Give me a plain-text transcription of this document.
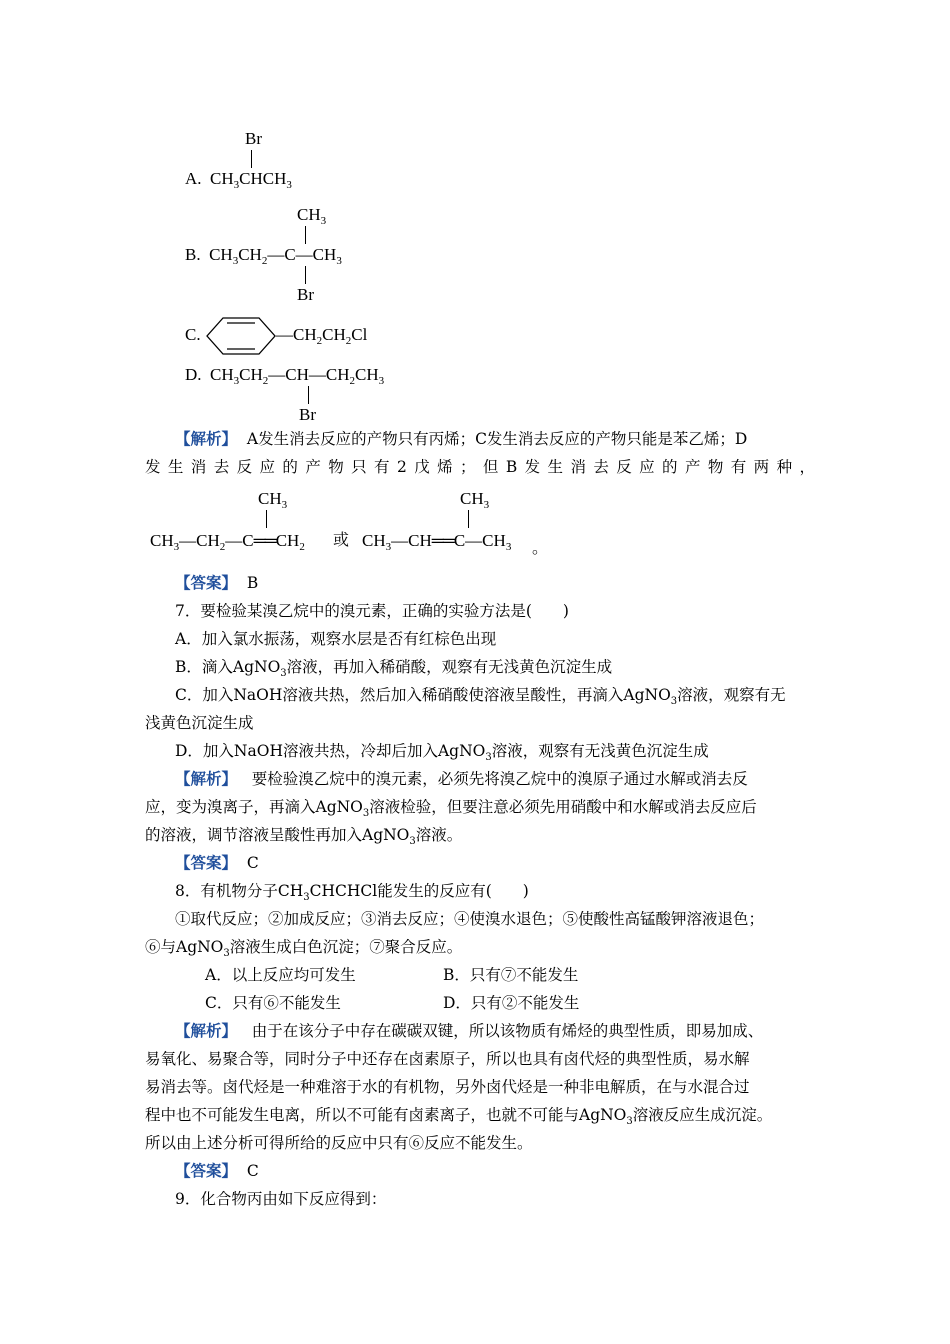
Br
A.  $CH_3CHCH_3$
$CH_3$
B.  $CH_3CH_2—C—CH_3$
Br
C.	$—CH_2CH_2Cl$
D.  $CH_3CH_2—CH—CH_2CH_3$
Br
【解析】 A发生消去反应的产物只有丙烯；C发生消去反应的产物只能是苯乙烯；D
发生消去反应的产物只有2戊烯；但B发生消去反应的产物有两种，
$CH_3$
$CH_3—CH_2—C══CH_2$ 或
$CH_3$
$CH_3—CH══C—CH_3$ 。
【答案】 B
7．要检验某溴乙烷中的溴元素，正确的实验方法是(　　)
A．加入氯水振荡，观察水层是否有红棕色出现
B．滴入AgNO$_3$溶液，再加入稀硝酸，观察有无浅黄色沉淀生成
C．加入NaOH溶液共热，然后加入稀硝酸使溶液呈酸性，再滴入AgNO$_3$溶液，观察有无
浅黄色沉淀生成
D．加入NaOH溶液共热，冷却后加入AgNO$_3$溶液，观察有无浅黄色沉淀生成
【解析】 要检验溴乙烷中的溴元素，必须先将溴乙烷中的溴原子通过水解或消去反
应，变为溴离子，再滴入AgNO$_3$溶液检验，但要注意必须先用硝酸中和水解或消去反应后
的溶液，调节溶液呈酸性再加入AgNO$_3$溶液。
【答案】 C
8．有机物分子$CH_3CHCHCl$能发生的反应有(　　)
①取代反应；②加成反应；③消去反应；④使溴水退色；⑤使酸性高锰酸钾溶液退色；
⑥与AgNO$_3$溶液生成白色沉淀；⑦聚合反应。
A．以上反应均可发生	B．只有⑦不能发生
C．只有⑥不能发生	D．只有②不能发生
【解析】 由于在该分子中存在碳碳双键，所以该物质有烯烃的典型性质，即易加成、
易氧化、易聚合等，同时分子中还存在卤素原子，所以也具有卤代烃的典型性质，易水解
易消去等。卤代烃是一种难溶于水的有机物，另外卤代烃是一种非电解质，在与水混合过
程中也不可能发生电离，所以不可能有卤素离子，也就不可能与AgNO$_3$溶液反应生成沉淀。
所以由上述分析可得所给的反应中只有⑥反应不能发生。
【答案】 C
9．化合物丙由如下反应得到：
